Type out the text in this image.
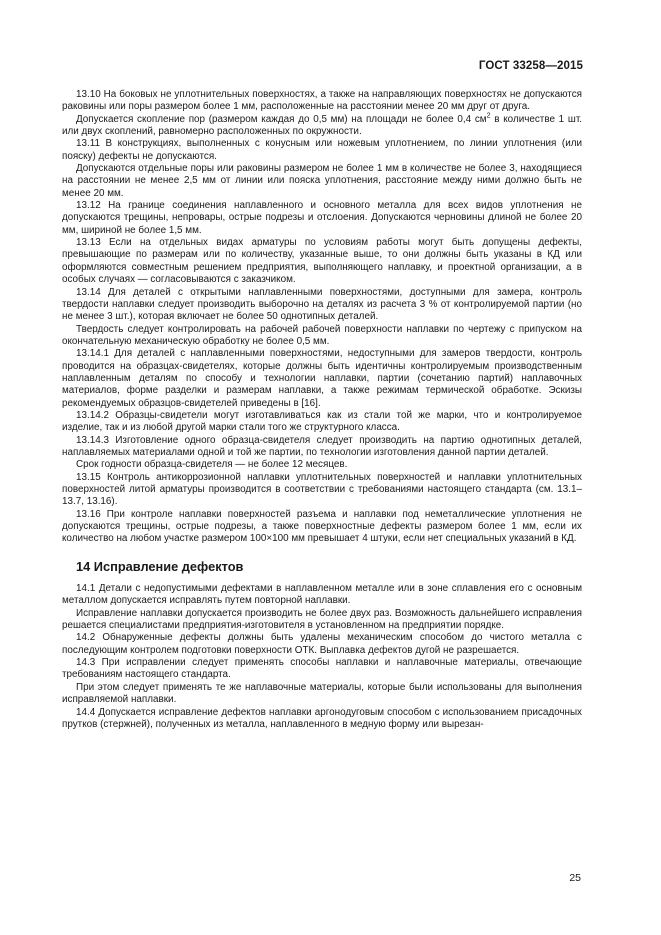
ГОСТ 33258—2015

13.10 На боковых не уплотнительных поверхностях, а также на направляющих поверхностях не допускаются раковины или поры размером более 1 мм, расположенные на расстоянии менее 20 мм друг от друга.

Допускается скопление пор (размером каждая до 0,5 мм) на площади не более 0,4 $см^2$ в количестве 1 шт. или двух скоплений, равномерно расположенных по окружности.

13.11 В конструкциях, выполненных с конусным или ножевым уплотнением, по линии уплотнения (или пояску) дефекты не допускаются.

Допускаются отдельные поры или раковины размером не более 1 мм в количестве не более 3, находящиеся на расстоянии не менее 2,5 мм от линии или пояска уплотнения, расстояние между ними должно быть не менее 20 мм.

13.12 На границе соединения наплавленного и основного металла для всех видов уплотнения не допускаются трещины, непровары, острые подрезы и отслоения. Допускаются черновины длиной не более 20 мм, шириной не более 1,5 мм.

13.13 Если на отдельных видах арматуры по условиям работы могут быть допущены дефекты, превышающие по размерам или по количеству, указанные выше, то они должны быть указаны в КД или оформляются совместным решением предприятия, выполняющего наплавку, и проектной организации, а в особых случаях — согласовываются с заказчиком.

13.14 Для деталей с открытыми наплавленными поверхностями, доступными для замера, контроль твердости наплавки следует производить выборочно на деталях из расчета 3 % от контролируемой партии (но не менее 3 шт.), которая включает не более 50 однотипных деталей.

Твердость следует контролировать на рабочей рабочей поверхности наплавки по чертежу с припуском на окончательную механическую обработку не более 0,5 мм.

13.14.1 Для деталей с наплавленными поверхностями, недоступными для замеров твердости, контроль проводится на образцах-свидетелях, которые должны быть идентичны контролируемым производственным наплавленным деталям по способу и технологии наплавки, партии (сочетанию партий) наплавочных материалов, форме разделки и размерам наплавки, а также режимам термической обработке. Эскизы рекомендуемых образцов-свидетелей приведены в [16].

13.14.2 Образцы-свидетели могут изготавливаться как из стали той же марки, что и контролируемое изделие, так и из любой другой марки стали того же структурного класса.

13.14.3 Изготовление одного образца-свидетеля следует производить на партию однотипных деталей, наплавляемых материалами одной и той же партии, по технологии изготовления данной партии деталей.

Срок годности образца-свидетеля — не более 12 месяцев.

13.15 Контроль антикоррозионной наплавки уплотнительных поверхностей и наплавки уплотнительных поверхностей литой арматуры производится в соответствии с требованиями настоящего стандарта (см. 13.1–13.7, 13.16).

13.16 При контроле наплавки поверхностей разъема и наплавки под неметаллические уплотнения не допускаются трещины, острые подрезы, а также поверхностные дефекты размером более 1 мм, если их количество на любом участке размером 100×100 мм превышает 4 штуки, если нет специальных указаний в КД.

14 Исправление дефектов

14.1 Детали с недопустимыми дефектами в наплавленном металле или в зоне сплавления его с основным металлом допускается исправлять путем повторной наплавки.

Исправление наплавки допускается производить не более двух раз. Возможность дальнейшего исправления решается специалистами предприятия-изготовителя в установленном на предприятии порядке.

14.2 Обнаруженные дефекты должны быть удалены механическим способом до чистого металла с последующим контролем подготовки поверхности ОТК. Выплавка дефектов дугой не разрешается.

14.3 При исправлении следует применять способы наплавки и наплавочные материалы, отвечающие требованиям настоящего стандарта.

При этом следует применять те же наплавочные материалы, которые были использованы для выполнения исправляемой наплавки.

14.4 Допускается исправление дефектов наплавки аргонодуговым способом с использованием присадочных прутков (стержней), полученных из металла, наплавленного в медную форму или вырезан-

25
